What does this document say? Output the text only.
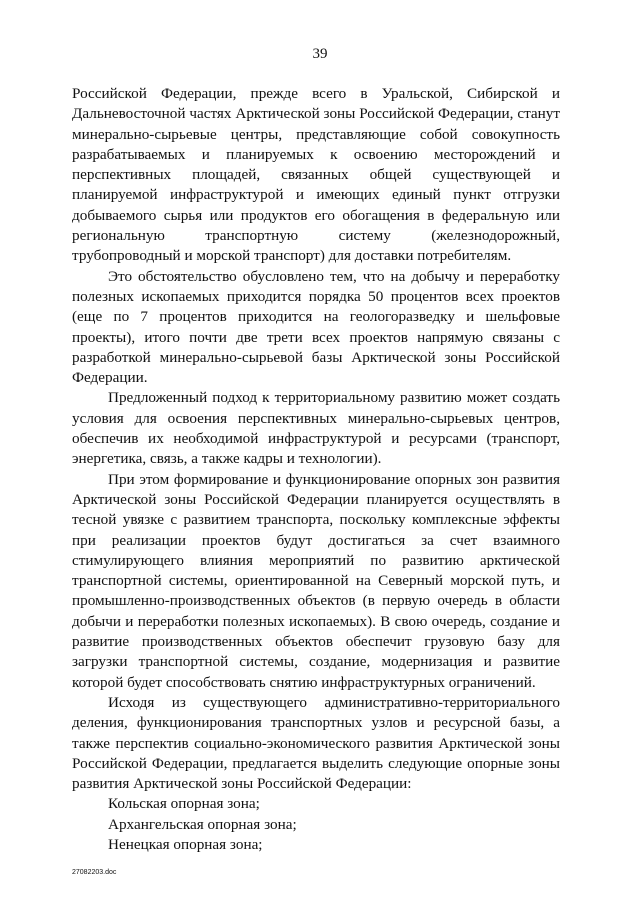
39

Российской Федерации, прежде всего в Уральской, Сибирской и Дальневосточной частях Арктической зоны Российской Федерации, станут минерально-сырьевые центры, представляющие собой совокупность разрабатываемых и планируемых к освоению месторождений и перспективных площадей, связанных общей существующей и планируемой инфраструктурой и имеющих единый пункт отгрузки добываемого сырья или продуктов его обогащения в федеральную или региональную транспортную систему (железнодорожный, трубопроводный и морской транспорт) для доставки потребителям.

Это обстоятельство обусловлено тем, что на добычу и переработку полезных ископаемых приходится порядка 50 процентов всех проектов (еще по 7 процентов приходится на геологоразведку и шельфовые проекты), итого почти две трети всех проектов напрямую связаны с разработкой минерально-сырьевой базы Арктической зоны Российской Федерации.

Предложенный подход к территориальному развитию может создать условия для освоения перспективных минерально-сырьевых центров, обеспечив их необходимой инфраструктурой и ресурсами (транспорт, энергетика, связь, а также кадры и технологии).

При этом формирование и функционирование опорных зон развития Арктической зоны Российской Федерации планируется осуществлять в тесной увязке с развитием транспорта, поскольку комплексные эффекты при реализации проектов будут достигаться за счет взаимного стимулирующего влияния мероприятий по развитию арктической транспортной системы, ориентированной на Северный морской путь, и промышленно-производственных объектов (в первую очередь в области добычи и переработки полезных ископаемых). В свою очередь, создание и развитие производственных объектов обеспечит грузовую базу для загрузки транспортной системы, создание, модернизация и развитие которой будет способствовать снятию инфраструктурных ограничений.

Исходя из существующего административно-территориального деления, функционирования транспортных узлов и ресурсной базы, а также перспектив социально-экономического развития Арктической зоны Российской Федерации, предлагается выделить следующие опорные зоны развития Арктической зоны Российской Федерации:

Кольская опорная зона;

Архангельская опорная зона;

Ненецкая опорная зона;

27082203.doc
